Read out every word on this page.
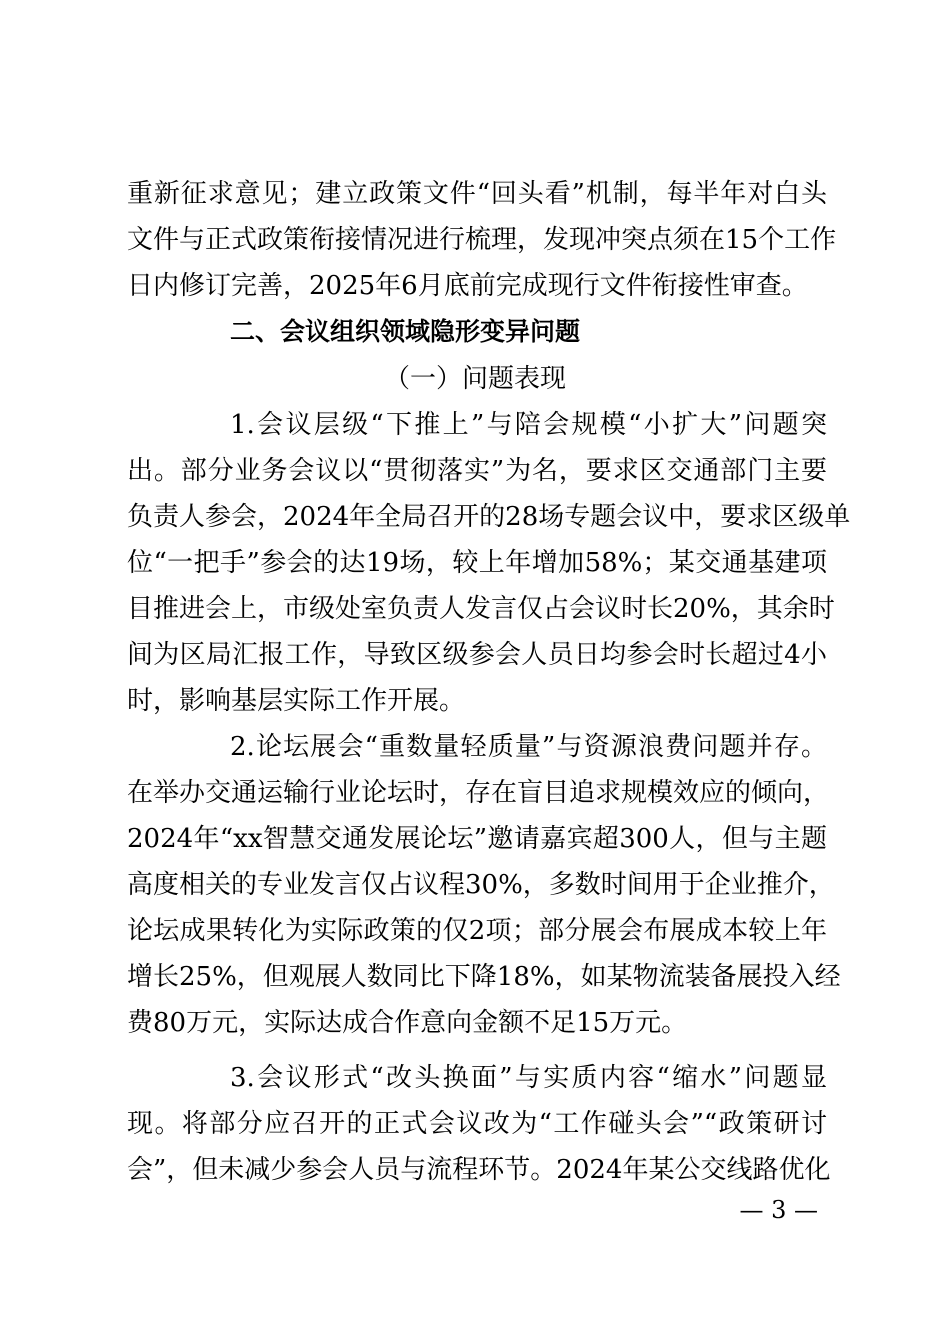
重新征求意见；建立政策文件“回头看”机制，每半年对白头
文件与正式政策衔接情况进行梳理，发现冲突点须在15个工作
日内修订完善，2025年6月底前完成现行文件衔接性审查。
二、会议组织领域隐形变异问题
（一）问题表现
1.会议层级“下推上”与陪会规模“小扩大”问题突
出。部分业务会议以“贯彻落实”为名，要求区交通部门主要
负责人参会，2024年全局召开的28场专题会议中，要求区级单
位“一把手”参会的达19场，较上年增加58%；某交通基建项
目推进会上，市级处室负责人发言仅占会议时长20%，其余时
间为区局汇报工作，导致区级参会人员日均参会时长超过4小
时，影响基层实际工作开展。
2.论坛展会“重数量轻质量”与资源浪费问题并存。
在举办交通运输行业论坛时，存在盲目追求规模效应的倾向，
2024年“xx智慧交通发展论坛”邀请嘉宾超300人，但与主题
高度相关的专业发言仅占议程30%，多数时间用于企业推介，
论坛成果转化为实际政策的仅2项；部分展会布展成本较上年
增长25%，但观展人数同比下降18%，如某物流装备展投入经
费80万元，实际达成合作意向金额不足15万元。
3.会议形式“改头换面”与实质内容“缩水”问题显
现。将部分应召开的正式会议改为“工作碰头会”“政策研讨
会”，但未减少参会人员与流程环节。2024年某公交线路优化
— 3 —
